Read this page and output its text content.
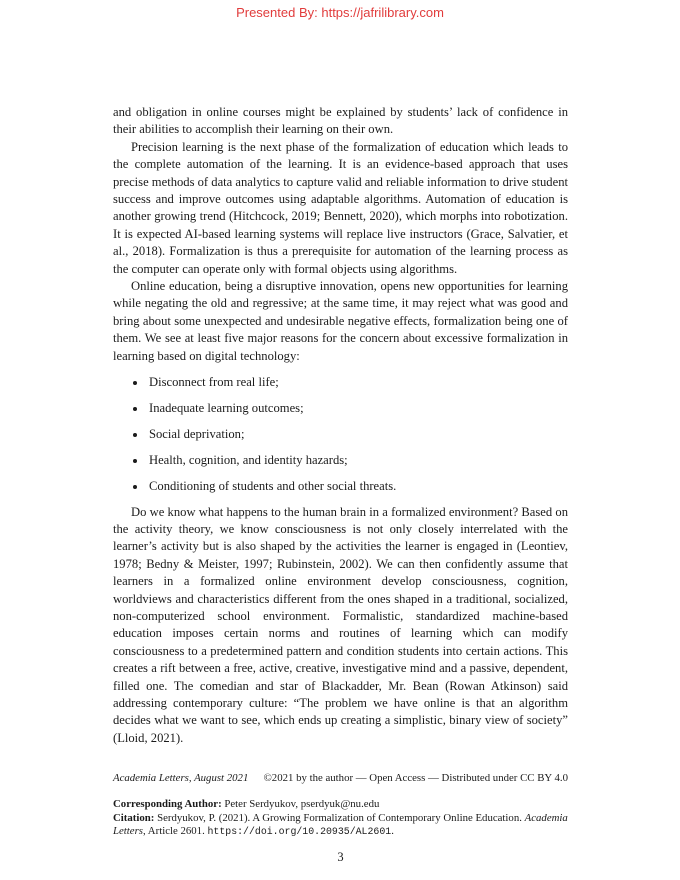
Presented By: https://jafrilibrary.com

and obligation in online courses might be explained by students’ lack of confidence in their abilities to accomplish their learning on their own.

Precision learning is the next phase of the formalization of education which leads to the complete automation of the learning. It is an evidence-based approach that uses precise methods of data analytics to capture valid and reliable information to drive student success and improve outcomes using adaptable algorithms. Automation of education is another growing trend (Hitchcock, 2019; Bennett, 2020), which morphs into robotization. It is expected AI-based learning systems will replace live instructors (Grace, Salvatier, et al., 2018). Formalization is thus a prerequisite for automation of the learning process as the computer can operate only with formal objects using algorithms.

Online education, being a disruptive innovation, opens new opportunities for learning while negating the old and regressive; at the same time, it may reject what was good and bring about some unexpected and undesirable negative effects, formalization being one of them. We see at least five major reasons for the concern about excessive formalization in learning based on digital technology:

• Disconnect from real life;
• Inadequate learning outcomes;
• Social deprivation;
• Health, cognition, and identity hazards;
• Conditioning of students and other social threats.

Do we know what happens to the human brain in a formalized environment? Based on the activity theory, we know consciousness is not only closely interrelated with the learner’s activity but is also shaped by the activities the learner is engaged in (Leontiev, 1978; Bedny & Meister, 1997; Rubinstein, 2002). We can then confidently assume that learners in a formalized online environment develop consciousness, cognition, worldviews and characteristics different from the ones shaped in a traditional, socialized, non-computerized school environment. Formalistic, standardized machine-based education imposes certain norms and routines of learning which can modify consciousness to a predetermined pattern and condition students into certain actions. This creates a rift between a free, active, creative, investigative mind and a passive, dependent, filled one. The comedian and star of Blackadder, Mr. Bean (Rowan Atkinson) said addressing contemporary culture: “The problem we have online is that an algorithm decides what we want to see, which ends up creating a simplistic, binary view of society” (Lloid, 2021).

Academia Letters, August 2021 ©2021 by the author — Open Access — Distributed under CC BY 4.0

Corresponding Author: Peter Serdyukov, pserdyuk@nu.edu

Citation: Serdyukov, P. (2021). A Growing Formalization of Contemporary Online Education. Academia Letters, Article 2601. https://doi.org/10.20935/AL2601.

3
